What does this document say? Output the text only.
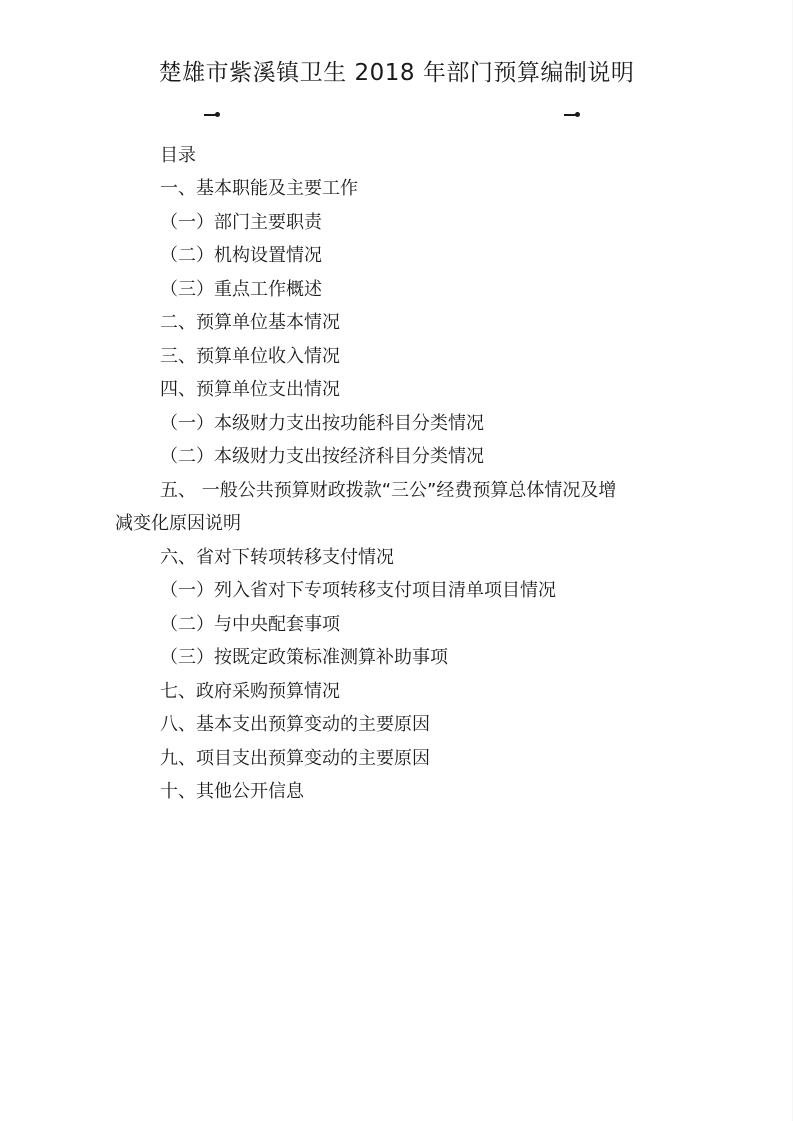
楚雄市紫溪镇卫生 2018 年部门预算编制说明
目录
一、基本职能及主要工作
（一）部门主要职责
（二）机构设置情况
（三）重点工作概述
二、预算单位基本情况
三、预算单位收入情况
四、预算单位支出情况
（一）本级财力支出按功能科目分类情况
（二）本级财力支出按经济科目分类情况
五、 一般公共预算财政拨款“三公”经费预算总体情况及增
减变化原因说明
六、省对下转项转移支付情况
（一）列入省对下专项转移支付项目清单项目情况
（二）与中央配套事项
（三）按既定政策标准测算补助事项
七、政府采购预算情况
八、基本支出预算变动的主要原因
九、项目支出预算变动的主要原因
十、其他公开信息
